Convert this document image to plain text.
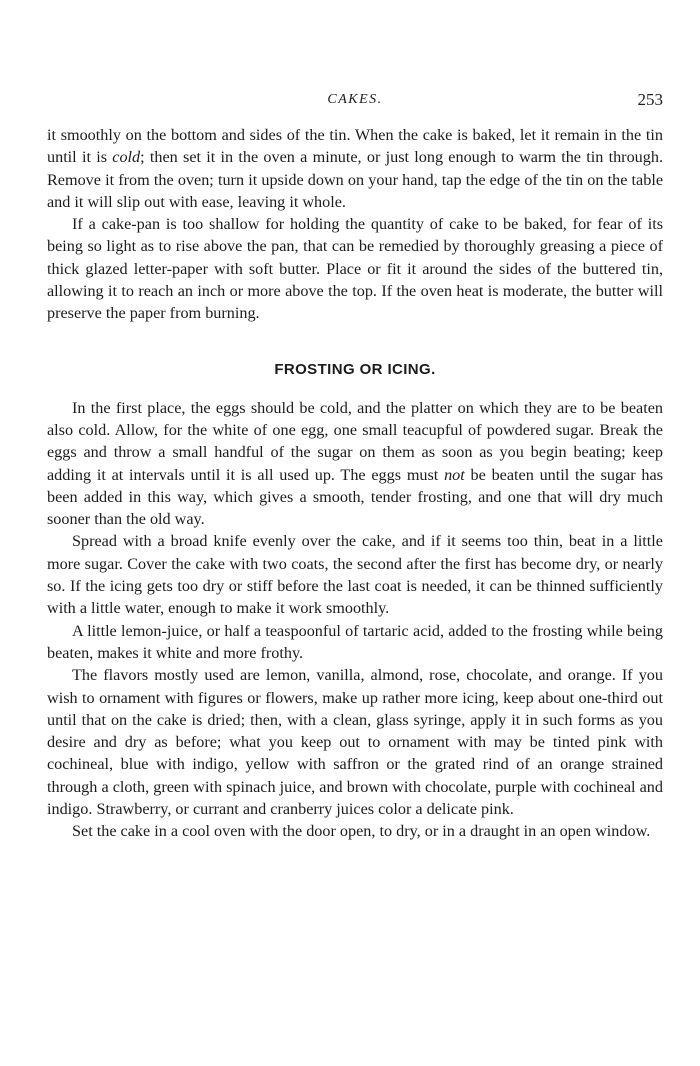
CAKES.	253

it smoothly on the bottom and sides of the tin. When the cake is baked, let it remain in the tin until it is cold; then set it in the oven a minute, or just long enough to warm the tin through. Remove it from the oven; turn it upside down on your hand, tap the edge of the tin on the table and it will slip out with ease, leaving it whole.

If a cake-pan is too shallow for holding the quantity of cake to be baked, for fear of its being so light as to rise above the pan, that can be remedied by thoroughly greasing a piece of thick glazed letter-paper with soft butter. Place or fit it around the sides of the buttered tin, allowing it to reach an inch or more above the top. If the oven heat is moderate, the butter will preserve the paper from burning.

FROSTING OR ICING.

In the first place, the eggs should be cold, and the platter on which they are to be beaten also cold. Allow, for the white of one egg, one small teacupful of powdered sugar. Break the eggs and throw a small handful of the sugar on them as soon as you begin beating; keep adding it at intervals until it is all used up. The eggs must not be beaten until the sugar has been added in this way, which gives a smooth, tender frosting, and one that will dry much sooner than the old way.

Spread with a broad knife evenly over the cake, and if it seems too thin, beat in a little more sugar. Cover the cake with two coats, the second after the first has become dry, or nearly so. If the icing gets too dry or stiff before the last coat is needed, it can be thinned sufficiently with a little water, enough to make it work smoothly.

A little lemon-juice, or half a teaspoonful of tartaric acid, added to the frosting while being beaten, makes it white and more frothy.

The flavors mostly used are lemon, vanilla, almond, rose, chocolate, and orange. If you wish to ornament with figures or flowers, make up rather more icing, keep about one-third out until that on the cake is dried; then, with a clean, glass syringe, apply it in such forms as you desire and dry as before; what you keep out to ornament with may be tinted pink with cochineal, blue with indigo, yellow with saffron or the grated rind of an orange strained through a cloth, green with spinach juice, and brown with chocolate, purple with cochineal and indigo. Strawberry, or currant and cranberry juices color a delicate pink.

Set the cake in a cool oven with the door open, to dry, or in a draught in an open window.
